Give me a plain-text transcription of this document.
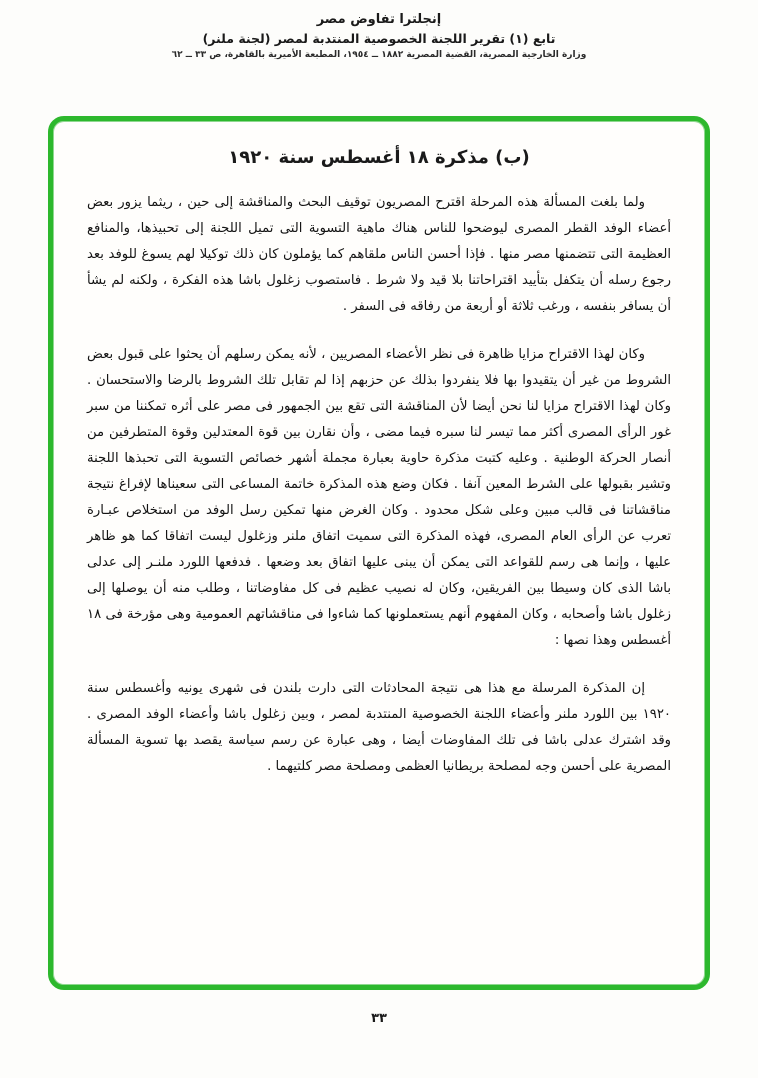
إنجلترا تفاوض مصر
تابع (١) تقرير اللجنة الخصوصية المنتدبة لمصر (لجنة ملنر)
وزارة الخارجية المصرية، القضية المصرية ١٨٨٢ ــ ١٩٥٤، المطبعة الأميرية بالقاهرة، ص ٣٣ ــ ٦٢
(ب) مذكرة ١٨ أغسطس سنة ١٩٢٠

ولما بلغت المسألة هذه المرحلة اقترح المصريون توقيف البحث والمناقشة إلى حين ، ريثما يزور بعض أعضاء الوفد القطر المصرى ليوضحوا للناس هناك ماهية التسوية التى تميل اللجنة إلى تحبيذها، والمنافع العظيمة التى تتضمنها مصر منها . فإذا أحسن الناس ملقاهم كما يؤملون كان ذلك توكيلا لهم يسوغ للوفد بعد رجوع رسله أن يتكفل بتأييد اقتراحاتنا بلا قيد ولا شرط . فاستصوب زغلول باشا هذه الفكرة ، ولكنه لم يشأ أن يسافر بنفسه ، ورغب ثلاثة أو أربعة من رفاقه فى السفر .

وكان لهذا الاقتراح مزايا ظاهرة فى نظر الأعضاء المصريين ، لأنه يمكن رسلهم أن يحثوا على قبول بعض الشروط من غير أن يتقيدوا بها فلا ينفردوا بذلك عن حزبهم إذا لم تقابل تلك الشروط بالرضا والاستحسان . وكان لهذا الاقتراح مزايا لنا نحن أيضا لأن المناقشة التى تقع بين الجمهور فى مصر على أثره تمكننا من سبر غور الرأى المصرى أكثر مما تيسر لنا سبره فيما مضى ، وأن نقارن بين قوة المعتدلين وقوة المتطرفين من أنصار الحركة الوطنية . وعليه كتبت مذكرة حاوية بعبارة مجملة أشهر خصائص التسوية التى تحبذها اللجنة وتشير بقبولها على الشرط المعين آنفا . فكان وضع هذه المذكرة خاتمة المساعى التى سعيناها لإفراغ نتيجة مناقشاتنا فى قالب مبين وعلى شكل محدود . وكان الغرض منها تمكين رسل الوفد من استخلاص عبـارة تعرب عن الرأى العام المصرى، فهذه المذكرة التى سميت اتفاق ملنر وزغلول ليست اتفاقا كما هو ظاهر عليها ، وإنما هى رسم للقواعد التى يمكن أن يبنى عليها اتفاق بعد وضعها . فدفعها اللورد ملنـر إلى عدلى باشا الذى كان وسيطا بين الفريقين، وكان له نصيب عظيم فى كل مفاوضاتنا ، وطلب منه أن يوصلها إلى زغلول باشا وأصحابه ، وكان المفهوم أنهم يستعملونها كما شاءوا فى مناقشاتهم العمومية وهى مؤرخة فى ١٨ أغسطس وهذا نصها :

إن المذكرة المرسلة مع هذا هى نتيجة المحادثات التى دارت بلندن فى شهرى يونيه وأغسطس سنة ١٩٢٠ بين اللورد ملنر وأعضاء اللجنة الخصوصية المنتدبة لمصر ، وبين زغلول باشا وأعضاء الوفد المصرى . وقد اشترك عدلى باشا فى تلك المفاوضات أيضا ، وهى عبارة عن رسم سياسة يقصد بها تسوية المسألة المصرية على أحسن وجه لمصلحة بريطانيا العظمى ومصلحة مصر كلتيهما .

٣٣
